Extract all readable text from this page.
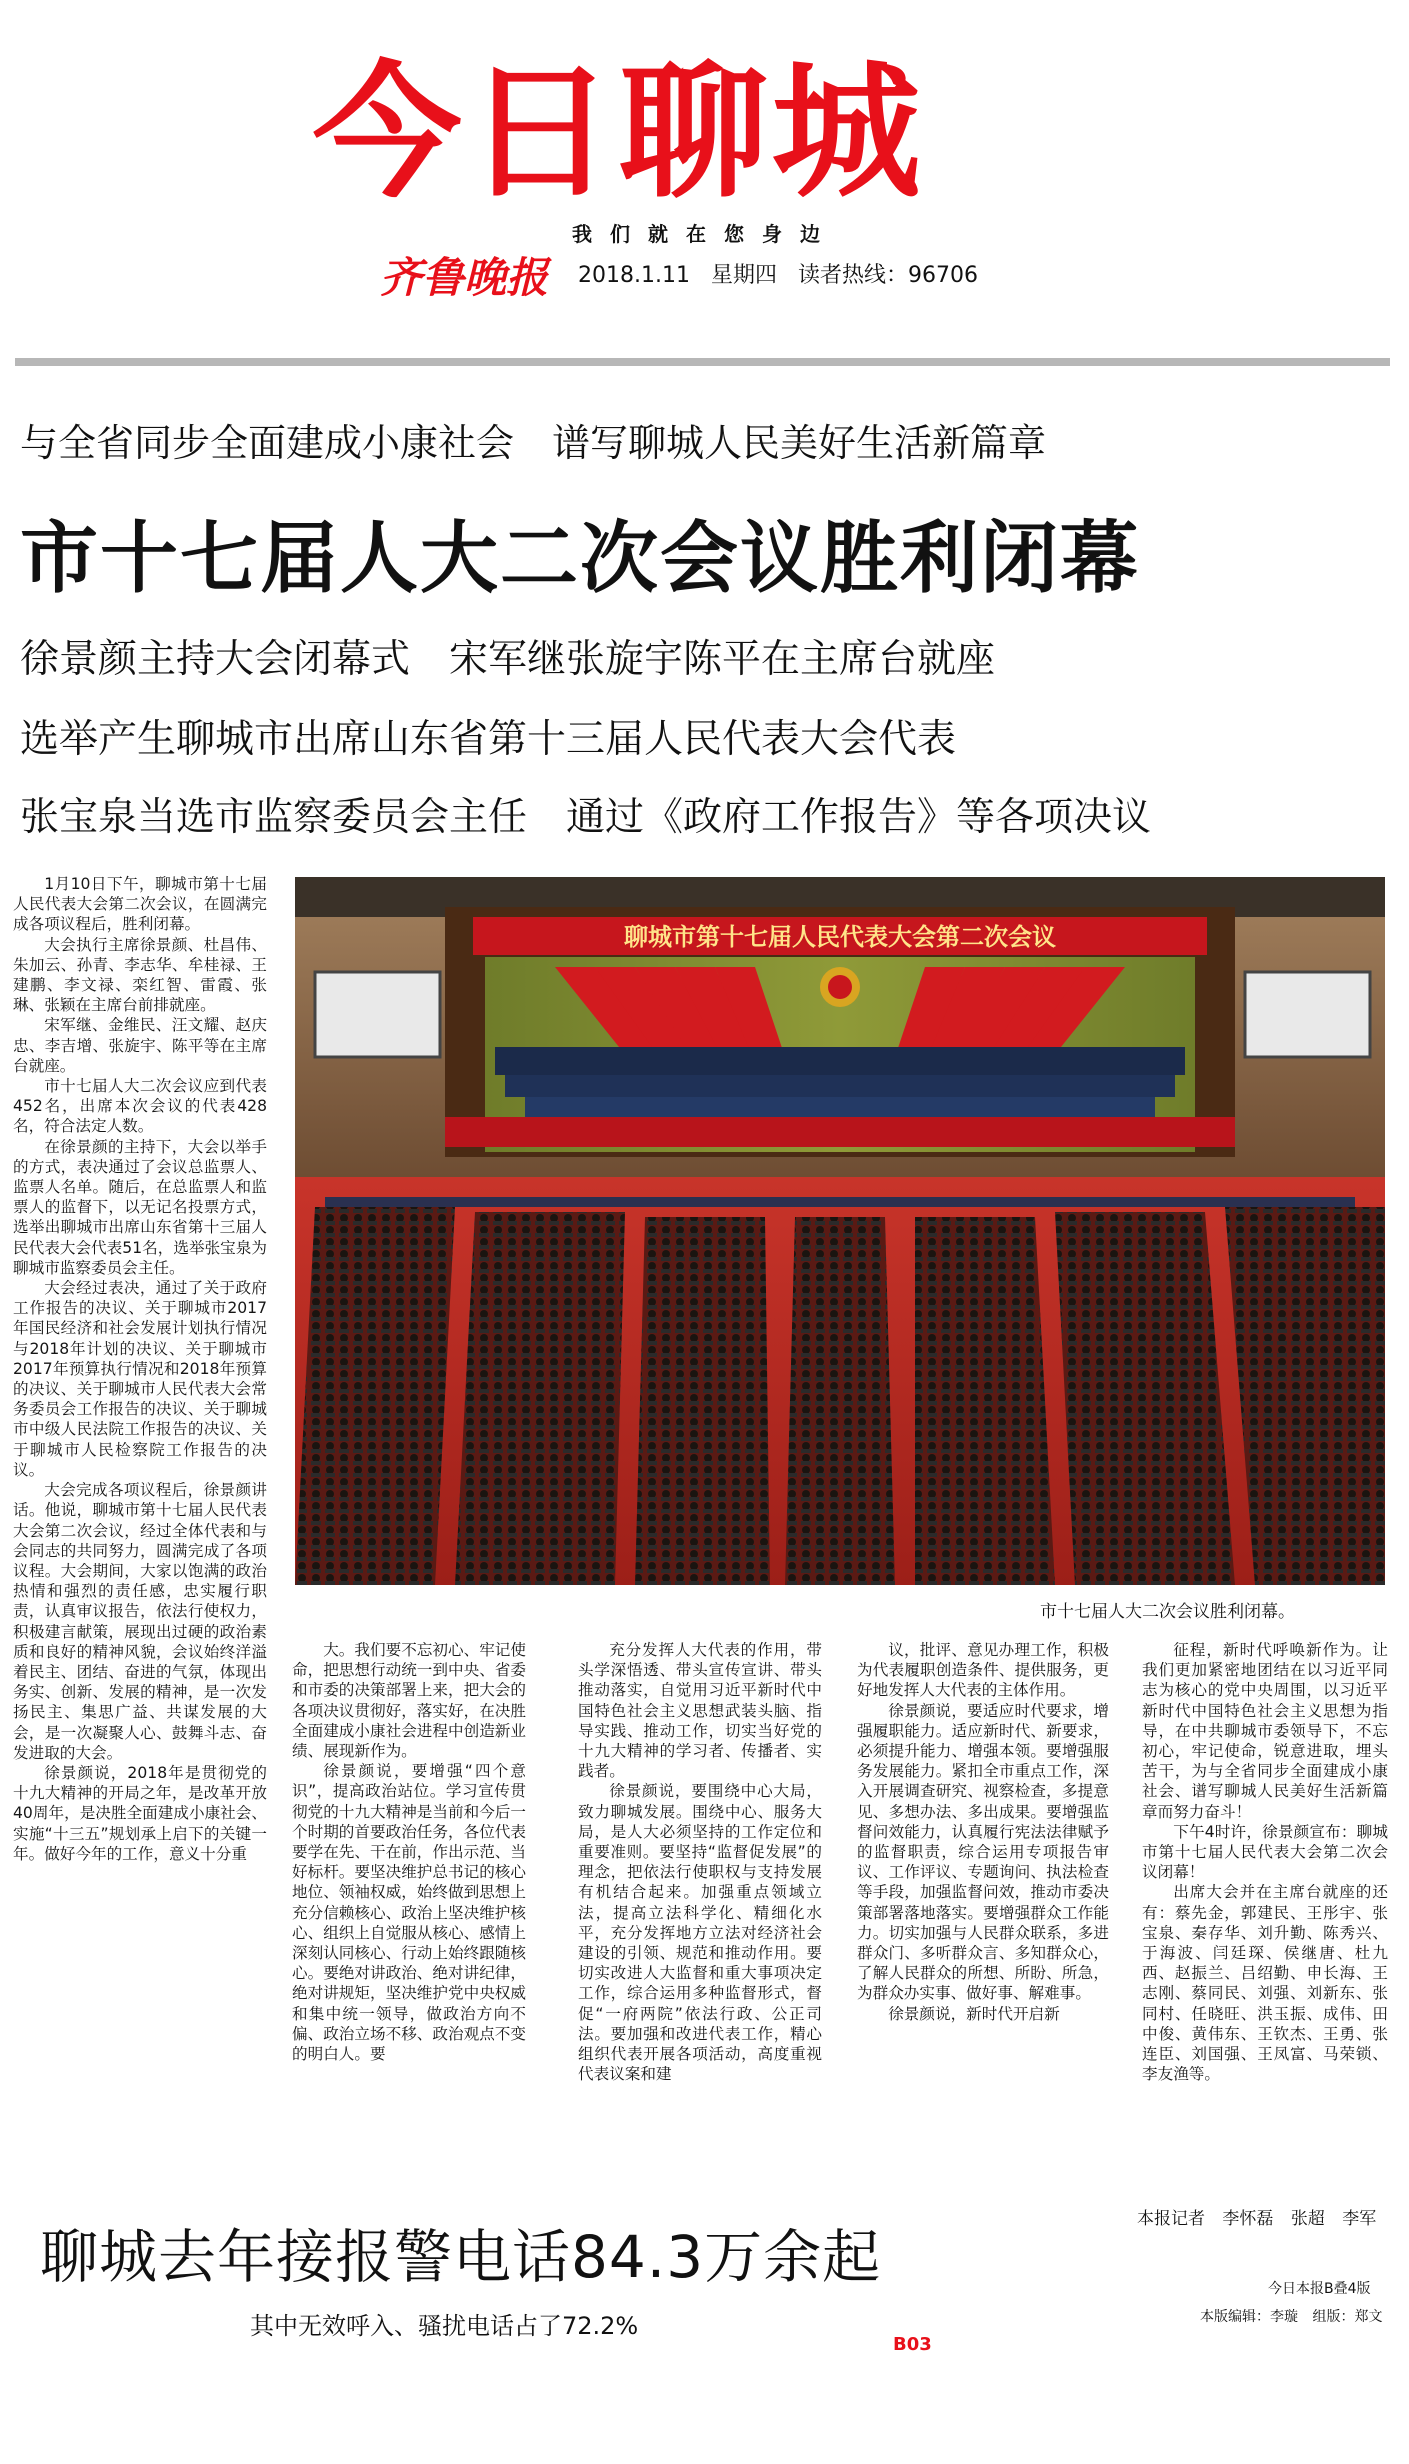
今日聊城
我们就在您身边
齐鲁晚报 2018.1.11 星期四 读者热线：96706
与全省同步全面建成小康社会　谱写聊城人民美好生活新篇章
市十七届人大二次会议胜利闭幕
徐景颜主持大会闭幕式　宋军继张旋宇陈平在主席台就座
选举产生聊城市出席山东省第十三届人民代表大会代表
张宝泉当选市监察委员会主任　通过《政府工作报告》等各项决议

1月10日下午，聊城市第十七届人民代表大会第二次会议，在圆满完成各项议程后，胜利闭幕。

大会执行主席徐景颜、杜昌伟、朱加云、孙青、李志华、牟桂禄、王建鹏、李文禄、栾红智、雷霞、张琳、张颖在主席台前排就座。

宋军继、金维民、汪文耀、赵庆忠、李吉增、张旋宇、陈平等在主席台就座。

市十七届人大二次会议应到代表452名，出席本次会议的代表428名，符合法定人数。

在徐景颜的主持下，大会以举手的方式，表决通过了会议总监票人、监票人名单。随后，在总监票人和监票人的监督下，以无记名投票方式，选举出聊城市出席山东省第十三届人民代表大会代表51名，选举张宝泉为聊城市监察委员会主任。

大会经过表决，通过了关于政府工作报告的决议、关于聊城市2017年国民经济和社会发展计划执行情况与2018年计划的决议、关于聊城市2017年预算执行情况和2018年预算的决议、关于聊城市人民代表大会常务委员会工作报告的决议、关于聊城市中级人民法院工作报告的决议、关于聊城市人民检察院工作报告的决议。

大会完成各项议程后，徐景颜讲话。他说，聊城市第十七届人民代表大会第二次会议，经过全体代表和与会同志的共同努力，圆满完成了各项议程。大会期间，大家以饱满的政治热情和强烈的责任感，忠实履行职责，认真审议报告，依法行使权力，积极建言献策，展现出过硬的政治素质和良好的精神风貌，会议始终洋溢着民主、团结、奋进的气氛，体现出务实、创新、发展的精神，是一次发扬民主、集思广益、共谋发展的大会，是一次凝聚人心、鼓舞斗志、奋发进取的大会。

徐景颜说，2018年是贯彻党的十九大精神的开局之年，是改革开放40周年，是决胜全面建成小康社会、实施“十三五”规划承上启下的关键一年。做好今年的工作，意义十分重

聊城市第十七届人民代表大会第二次会议
市十七届人大二次会议胜利闭幕。

大。我们要不忘初心、牢记使命，把思想行动统一到中央、省委和市委的决策部署上来，把大会的各项决议贯彻好，落实好，在决胜全面建成小康社会进程中创造新业绩、展现新作为。

徐景颜说，要增强“四个意识”，提高政治站位。学习宣传贯彻党的十九大精神是当前和今后一个时期的首要政治任务，各位代表要学在先、干在前，作出示范、当好标杆。要坚决维护总书记的核心地位、领袖权威，始终做到思想上充分信赖核心、政治上坚决维护核心、组织上自觉服从核心、感情上深刻认同核心、行动上始终跟随核心。要绝对讲政治、绝对讲纪律，绝对讲规矩，坚决维护党中央权威和集中统一领导，做政治方向不偏、政治立场不移、政治观点不变的明白人。要

充分发挥人大代表的作用，带头学深悟透、带头宣传宣讲、带头推动落实，自觉用习近平新时代中国特色社会主义思想武装头脑、指导实践、推动工作，切实当好党的十九大精神的学习者、传播者、实践者。

徐景颜说，要围绕中心大局，致力聊城发展。围绕中心、服务大局，是人大必须坚持的工作定位和重要准则。要坚持“监督促发展”的理念，把依法行使职权与支持发展有机结合起来。加强重点领域立法，提高立法科学化、精细化水平，充分发挥地方立法对经济社会建设的引领、规范和推动作用。要切实改进人大监督和重大事项决定工作，综合运用多种监督形式，督促“一府两院”依法行政、公正司法。要加强和改进代表工作，精心组织代表开展各项活动，高度重视代表议案和建

议，批评、意见办理工作，积极为代表履职创造条件、提供服务，更好地发挥人大代表的主体作用。

徐景颜说，要适应时代要求，增强履职能力。适应新时代、新要求，必须提升能力、增强本领。要增强服务发展能力。紧扣全市重点工作，深入开展调查研究、视察检查，多提意见、多想办法、多出成果。要增强监督问效能力，认真履行宪法法律赋予的监督职责，综合运用专项报告审议、工作评议、专题询问、执法检查等手段，加强监督问效，推动市委决策部署落地落实。要增强群众工作能力。切实加强与人民群众联系，多进群众门、多听群众言、多知群众心，了解人民群众的所想、所盼、所急，为群众办实事、做好事、解难事。

徐景颜说，新时代开启新

征程，新时代呼唤新作为。让我们更加紧密地团结在以习近平同志为核心的党中央周围，以习近平新时代中国特色社会主义思想为指导，在中共聊城市委领导下，不忘初心，牢记使命，锐意进取，埋头苦干，为与全省同步全面建成小康社会、谱写聊城人民美好生活新篇章而努力奋斗！

下午4时许，徐景颜宣布：聊城市第十七届人民代表大会第二次会议闭幕！

出席大会并在主席台就座的还有：蔡先金，郭建民、王彤宇、张宝泉、秦存华、刘升勤、陈秀兴、于海波、闫廷琛、侯继唐、杜九西、赵振兰、吕绍勤、申长海、王志刚、蔡同民、刘强、刘新东、张同村、任晓旺、洪玉振、成伟、田中俊、黄伟东、王钦杰、王勇、张连臣、刘国强、王凤富、马荣锁、李友渔等。

本报记者 李怀磊 张超 李军
聊城去年接报警电话84.3万余起
其中无效呼入、骚扰电话占了72.2%
今日本报B叠4版
本版编辑：李璇 组版：郑文
B03
